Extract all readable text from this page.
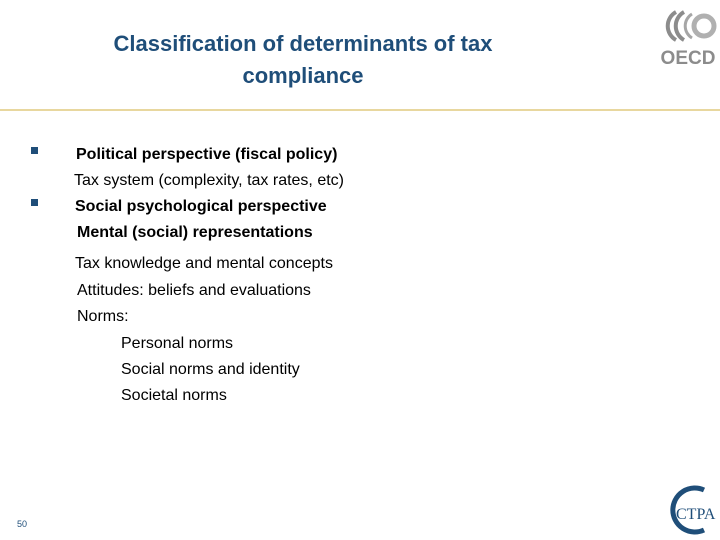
Classification of determinants of tax
compliance
OECD
Political perspective (fiscal policy)
Tax system (complexity, tax rates, etc)
Social psychological perspective
Mental (social) representations
Tax knowledge and mental concepts
Attitudes: beliefs and evaluations
Norms:
Personal norms
Social norms and identity
Societal norms
50
CTPA
